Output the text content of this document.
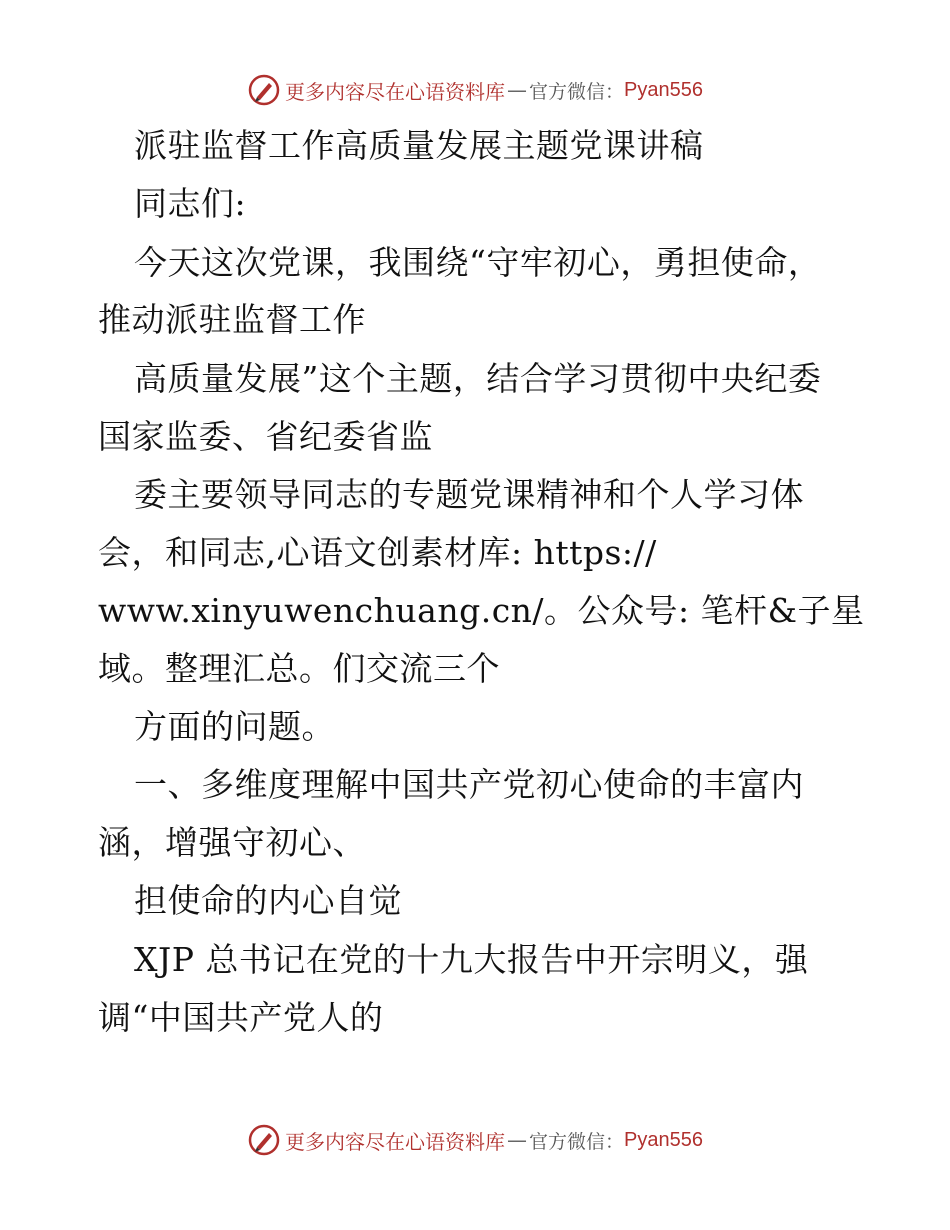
更多内容尽在心语资料库 — 官方微信： Pyan556
派驻监督工作高质量发展主题党课讲稿
同志们:
今天这次党课，我围绕“守牢初心，勇担使命，
推动派驻监督工作
高质量发展”这个主题，结合学习贯彻中央纪委
国家监委、省纪委省监
委主要领导同志的专题党课精神和个人学习体
会，和同志,心语文创素材库: https://
www.xinyuwenchuang.cn/。公众号: 笔杆&子星
域。整理汇总。们交流三个
方面的问题。
一、多维度理解中国共产党初心使命的丰富内
涵，增强守初心、
担使命的内心自觉
XJP 总书记在党的十九大报告中开宗明义，强
调“中国共产党人的
更多内容尽在心语资料库 — 官方微信： Pyan556
